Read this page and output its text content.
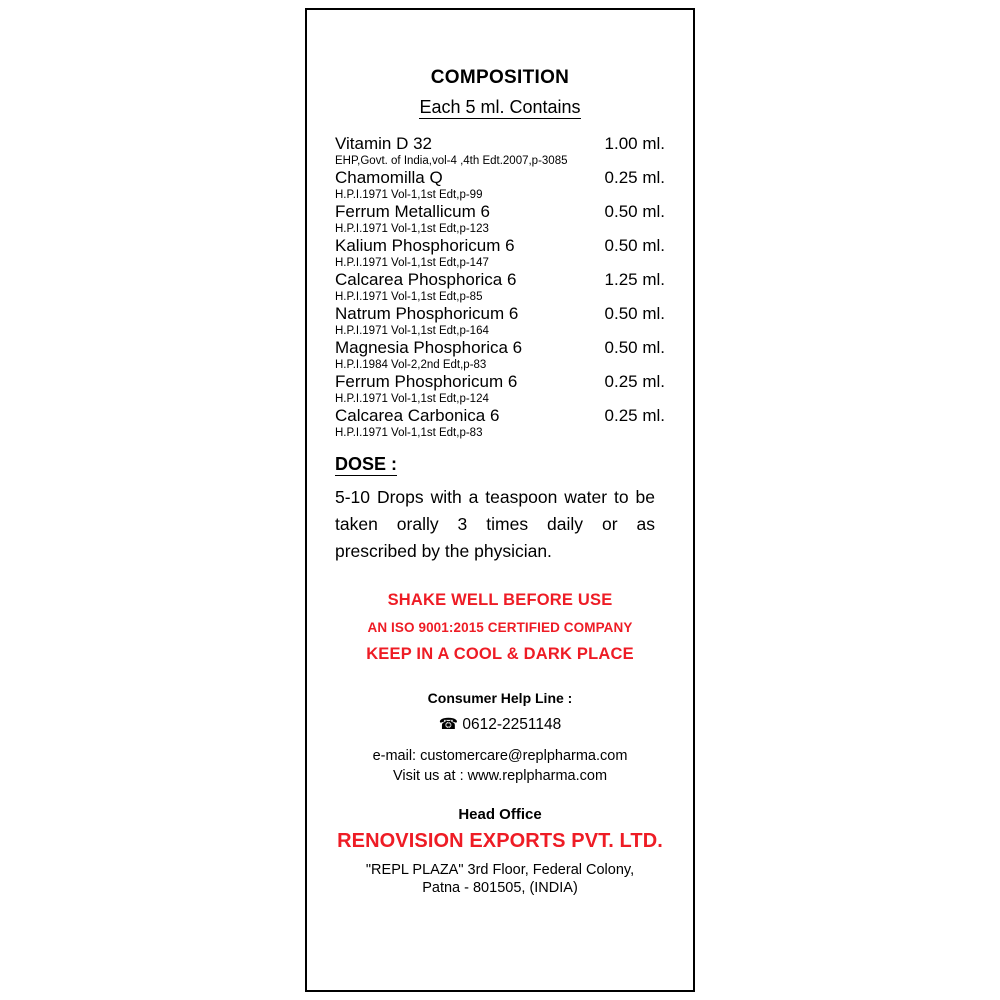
COMPOSITION
Each 5 ml. Contains
Vitamin D 32	1.00 ml.
EHP,Govt. of India,vol-4 ,4th Edt.2007,p-3085	
Chamomilla Q	0.25 ml.
H.P.I.1971 Vol-1,1st Edt,p-99	
Ferrum Metallicum 6	0.50 ml.
H.P.I.1971 Vol-1,1st Edt,p-123	
Kalium Phosphoricum 6	0.50 ml.
H.P.I.1971 Vol-1,1st Edt,p-147	
Calcarea Phosphorica 6	1.25 ml.
H.P.I.1971 Vol-1,1st Edt,p-85	
Natrum Phosphoricum 6	0.50 ml.
H.P.I.1971 Vol-1,1st Edt,p-164	
Magnesia Phosphorica 6	0.50 ml.
H.P.I.1984 Vol-2,2nd Edt,p-83	
Ferrum Phosphoricum 6	0.25 ml.
H.P.I.1971 Vol-1,1st Edt,p-124	
Calcarea Carbonica 6	0.25 ml.
H.P.I.1971 Vol-1,1st Edt,p-83	
DOSE :
5-10 Drops with a teaspoon water to be taken orally 3 times daily or as prescribed by the physician.
SHAKE WELL BEFORE USE
AN ISO 9001:2015 CERTIFIED COMPANY
KEEP IN A COOL & DARK PLACE
Consumer Help Line :
☎ 0612-2251148
e-mail: customercare@replpharma.com
Visit us at : www.replpharma.com
Head Office
RENOVISION EXPORTS PVT. LTD.
"REPL PLAZA" 3rd Floor, Federal Colony,
Patna - 801505, (INDIA)
